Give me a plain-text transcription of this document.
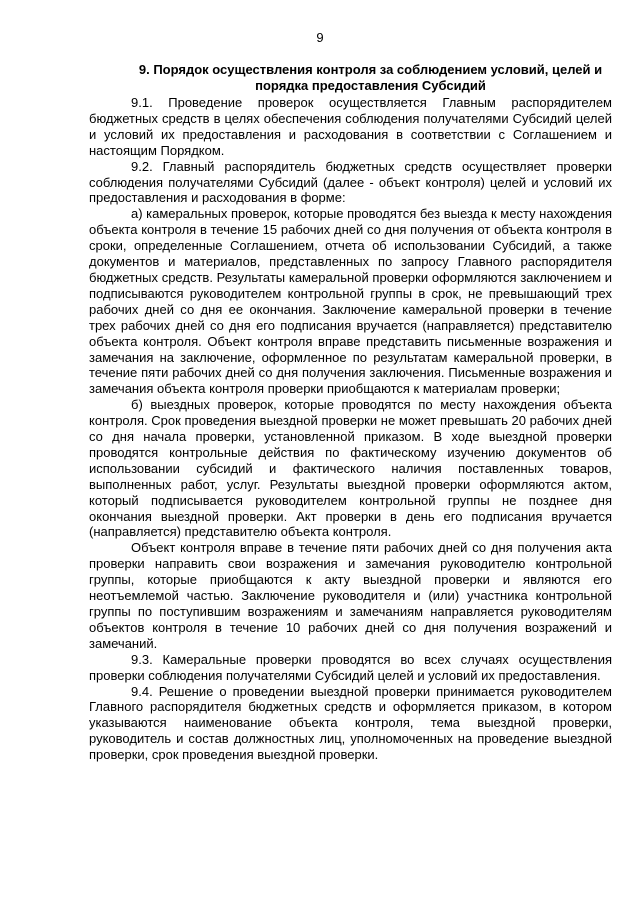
9
9. Порядок осуществления контроля за соблюдением условий, целей и порядка предоставления Субсидий

9.1. Проведение проверок осуществляется Главным распорядителем бюджетных средств в целях обеспечения соблюдения получателями Субсидий целей и условий их предоставления и расходования в соответствии с Соглашением и настоящим Порядком.

9.2. Главный распорядитель бюджетных средств осуществляет проверки соблюдения получателями Субсидий (далее - объект контроля) целей и условий их предоставления и расходования в форме:

а) камеральных проверок, которые проводятся без выезда к месту нахождения объекта контроля в течение 15 рабочих дней со дня получения от объекта контроля в сроки, определенные Соглашением, отчета об использовании Субсидий, а также документов и материалов, представленных по запросу Главного распорядителя бюджетных средств. Результаты камеральной проверки оформляются заключением и подписываются руководителем контрольной группы в срок, не превышающий трех рабочих дней со дня ее окончания. Заключение камеральной проверки в течение трех рабочих дней со дня его подписания вручается (направляется) представителю объекта контроля. Объект контроля вправе представить письменные возражения и замечания на заключение, оформленное по результатам камеральной проверки, в течение пяти рабочих дней со дня получения заключения. Письменные возражения и замечания объекта контроля проверки приобщаются к материалам проверки;

б) выездных проверок, которые проводятся по месту нахождения объекта контроля. Срок проведения выездной проверки не может превышать 20 рабочих дней со дня начала проверки, установленной приказом. В ходе выездной проверки проводятся контрольные действия по фактическому изучению документов об использовании субсидий и фактического наличия поставленных товаров, выполненных работ, услуг. Результаты выездной проверки оформляются актом, который подписывается руководителем контрольной группы не позднее дня окончания выездной проверки. Акт проверки в день его подписания вручается (направляется) представителю объекта контроля.

Объект контроля вправе в течение пяти рабочих дней со дня получения акта проверки направить свои возражения и замечания руководителю контрольной группы, которые приобщаются к акту выездной проверки и являются его неотъемлемой частью. Заключение руководителя и (или) участника контрольной группы по поступившим возражениям и замечаниям направляется руководителям объектов контроля в течение 10 рабочих дней со дня получения возражений и замечаний.

9.3. Камеральные проверки проводятся во всех случаях осуществления проверки соблюдения получателями Субсидий целей и условий их предоставления.

9.4. Решение о проведении выездной проверки принимается руководителем Главного распорядителя бюджетных средств и оформляется приказом, в котором указываются наименование объекта контроля, тема выездной проверки, руководитель и состав должностных лиц, уполномоченных на проведение выездной проверки, срок проведения выездной проверки.
